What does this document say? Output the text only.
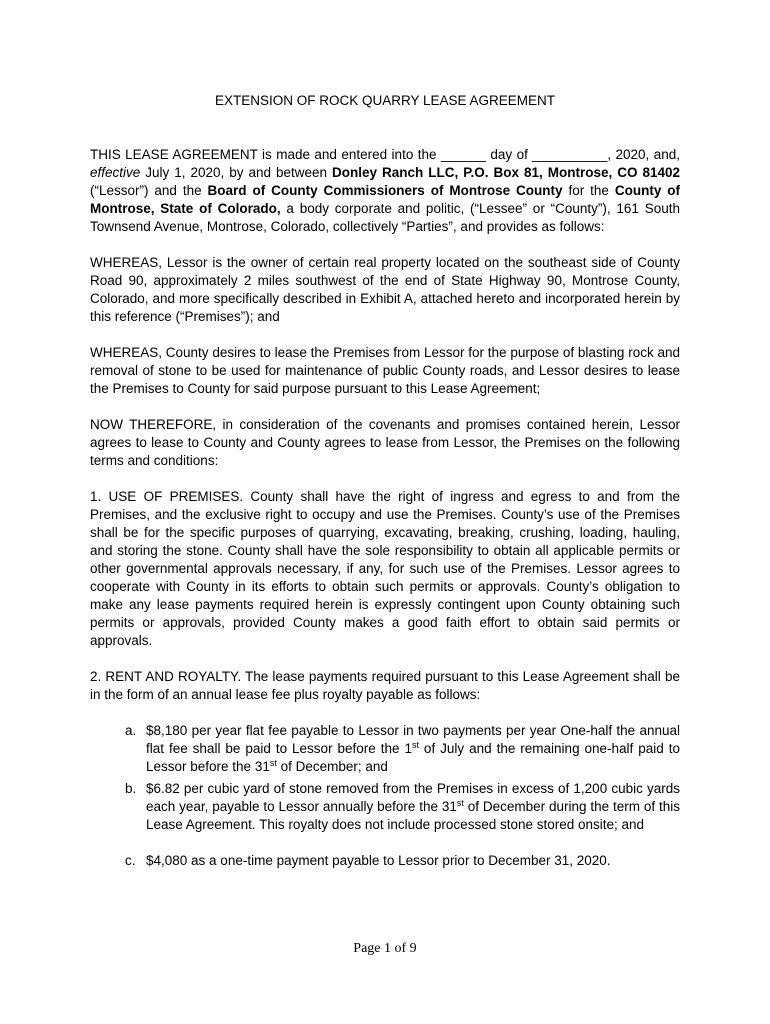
EXTENSION OF ROCK QUARRY LEASE AGREEMENT

THIS LEASE AGREEMENT is made and entered into the ______ day of __________, 2020, and, effective July 1, 2020, by and between Donley Ranch LLC, P.O. Box 81, Montrose, CO 81402 (“Lessor”) and the Board of County Commissioners of Montrose County for the County of Montrose, State of Colorado, a body corporate and politic, (“Lessee” or “County”), 161 South Townsend Avenue, Montrose, Colorado, collectively “Parties”, and provides as follows:

WHEREAS, Lessor is the owner of certain real property located on the southeast side of County Road 90, approximately 2 miles southwest of the end of State Highway 90, Montrose County, Colorado, and more specifically described in Exhibit A, attached hereto and incorporated herein by this reference (“Premises”); and

WHEREAS, County desires to lease the Premises from Lessor for the purpose of blasting rock and removal of stone to be used for maintenance of public County roads, and Lessor desires to lease the Premises to County for said purpose pursuant to this Lease Agreement;

NOW THEREFORE, in consideration of the covenants and promises contained herein, Lessor agrees to lease to County and County agrees to lease from Lessor, the Premises on the following terms and conditions:

1. USE OF PREMISES. County shall have the right of ingress and egress to and from the Premises, and the exclusive right to occupy and use the Premises. County’s use of the Premises shall be for the specific purposes of quarrying, excavating, breaking, crushing, loading, hauling, and storing the stone. County shall have the sole responsibility to obtain all applicable permits or other governmental approvals necessary, if any, for such use of the Premises. Lessor agrees to cooperate with County in its efforts to obtain such permits or approvals. County’s obligation to make any lease payments required herein is expressly contingent upon County obtaining such permits or approvals, provided County makes a good faith effort to obtain said permits or approvals.

2. RENT AND ROYALTY. The lease payments required pursuant to this Lease Agreement shall be in the form of an annual lease fee plus royalty payable as follows:

a. $8,180 per year flat fee payable to Lessor in two payments per year One-half the annual flat fee shall be paid to Lessor before the 1st of July and the remaining one-half paid to Lessor before the 31st of December; and
b. $6.82 per cubic yard of stone removed from the Premises in excess of 1,200 cubic yards each year, payable to Lessor annually before the 31st of December during the term of this Lease Agreement. This royalty does not include processed stone stored onsite; and
c. $4,080 as a one-time payment payable to Lessor prior to December 31, 2020.
Page 1 of 9
